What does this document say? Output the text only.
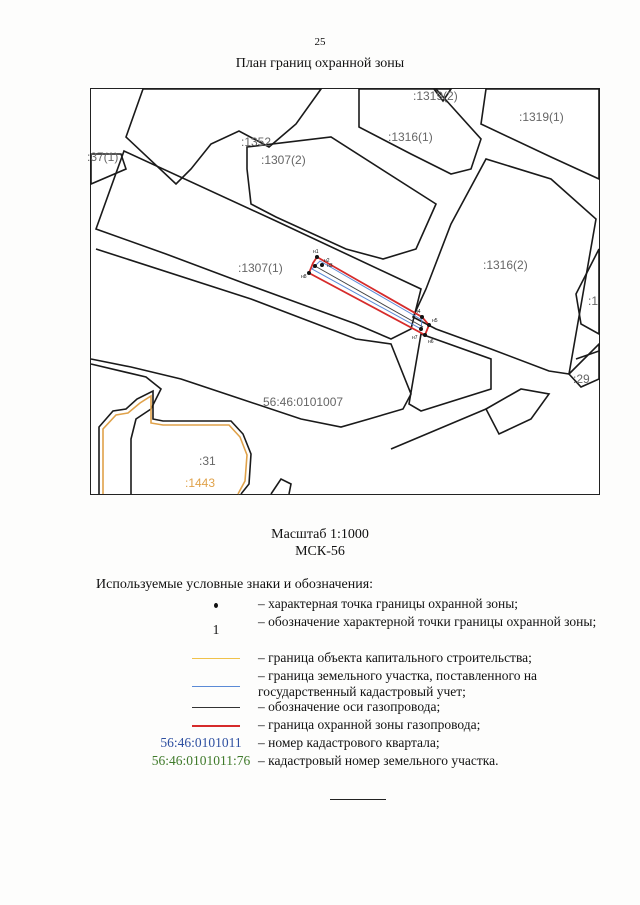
25
План границ охранной зоны
н1
н2
н3
н4
н5
н6
н7
н8
:1319(2)
:1319(1)
:1316(1)
:1352
:1307(2)
:37(1)
:1307(1)	:1316(2)
:1
:29
56:46:0101007
:31
:1443
Масштаб 1:1000
МСК-56
Используемые условные знаки и обозначения:
– характерная точка границы охранной зоны;
1
– обозначение характерной точки границы охранной зоны;
– граница объекта капитального строительства;
– граница земельного участка, поставленного на государственный кадастровый учет;
– обозначение оси газопровода;
– граница охранной зоны газопровода;
56:46:0101011	– номер кадастрового квартала;
56:46:0101011:76 – кадастровый номер земельного участка.
